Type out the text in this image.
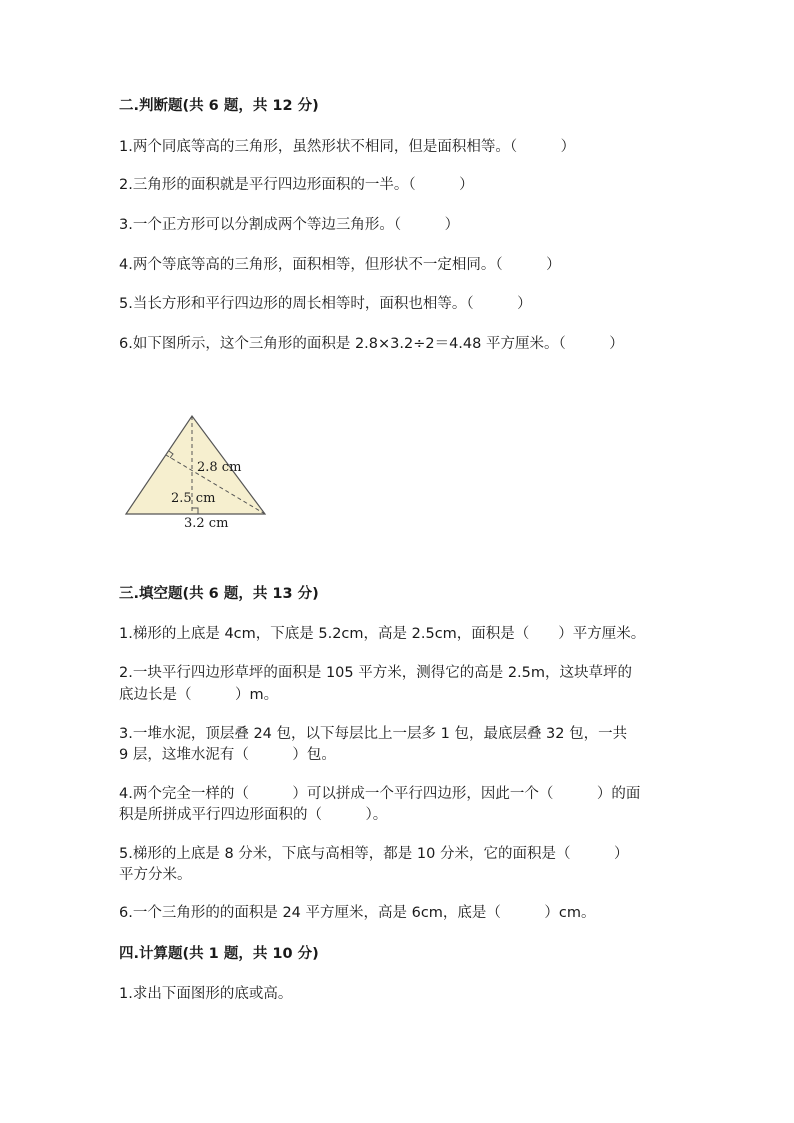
二.判断题(共 6 题，共 12 分)
1.两个同底等高的三角形，虽然形状不相同，但是面积相等。（　　　）
2.三角形的面积就是平行四边形面积的一半。（　　　）
3.一个正方形可以分割成两个等边三角形。（　　　）
4.两个等底等高的三角形，面积相等，但形状不一定相同。（　　　）
5.当长方形和平行四边形的周长相等时，面积也相等。（　　　）
6.如下图所示，这个三角形的面积是 2.8×3.2÷2＝4.48 平方厘米。（　　　）
2.8 cm
2.5 cm
3.2 cm
三.填空题(共 6 题，共 13 分)
1.梯形的上底是 4cm，下底是 5.2cm，高是 2.5cm，面积是（　　）平方厘米。
2.一块平行四边形草坪的面积是 105 平方米，测得它的高是 2.5m，这块草坪的
底边长是（　　　）m。
3.一堆水泥，顶层叠 24 包，以下每层比上一层多 1 包，最底层叠 32 包，一共
9 层，这堆水泥有（　　　）包。
4.两个完全一样的（　　　）可以拼成一个平行四边形，因此一个（　　　）的面
积是所拼成平行四边形面积的（　　　）。
5.梯形的上底是 8 分米，下底与高相等，都是 10 分米，它的面积是（　　　）
平方分米。
6.一个三角形的的面积是 24 平方厘米，高是 6cm，底是（　　　）cm。
四.计算题(共 1 题，共 10 分)
1.求出下面图形的底或高。
